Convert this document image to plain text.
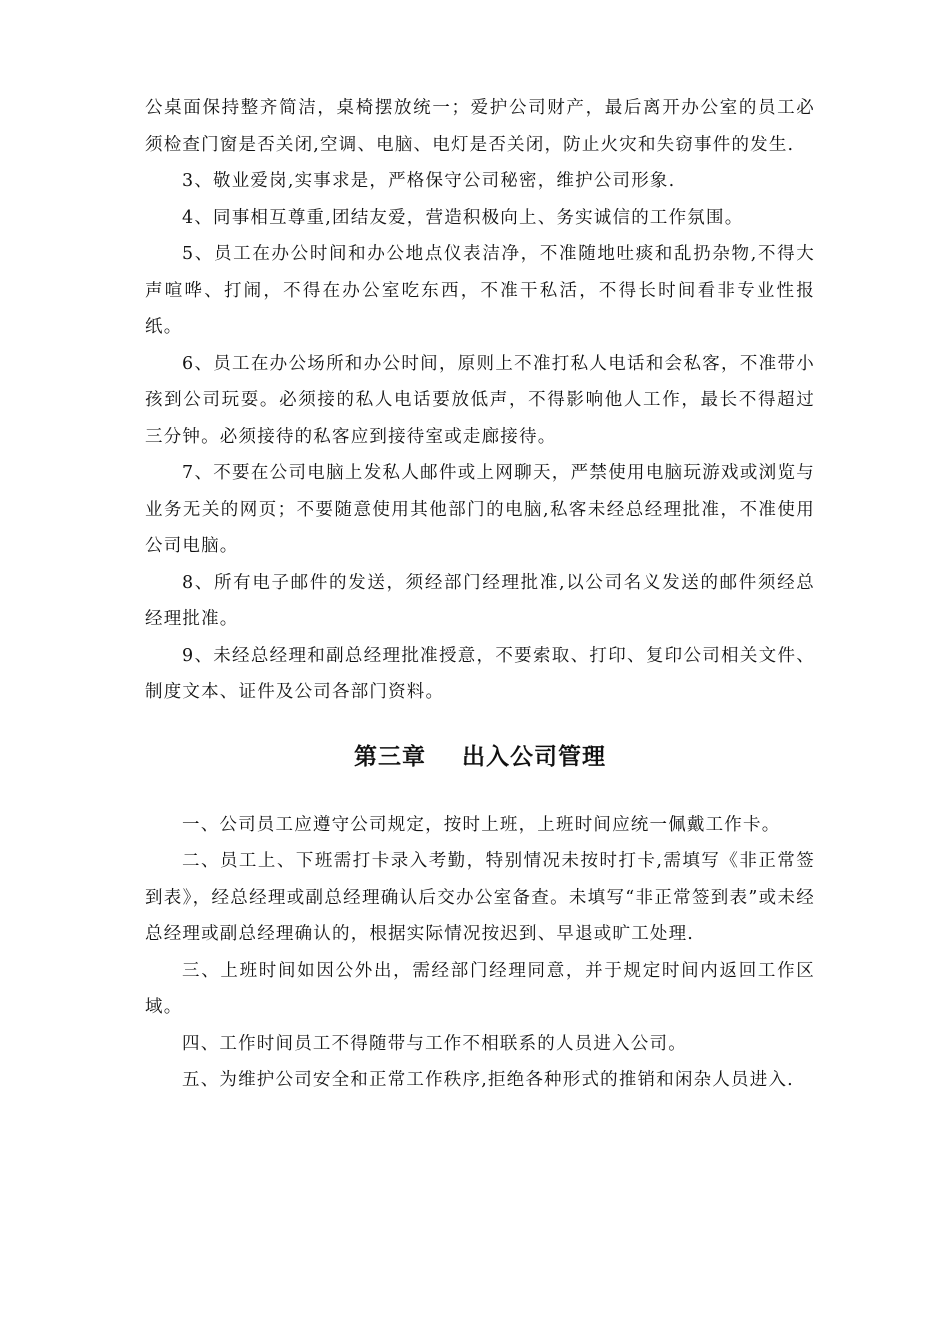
公桌面保持整齐简洁，桌椅摆放统一；爱护公司财产，最后离开办公室的员工必须检查门窗是否关闭,空调、电脑、电灯是否关闭，防止火灾和失窃事件的发生.

3、敬业爱岗,实事求是，严格保守公司秘密，维护公司形象.

4、同事相互尊重,团结友爱，营造积极向上、务实诚信的工作氛围。

5、员工在办公时间和办公地点仪表洁净，不准随地吐痰和乱扔杂物,不得大声喧哗、打闹，不得在办公室吃东西，不准干私活，不得长时间看非专业性报纸。

6、员工在办公场所和办公时间，原则上不准打私人电话和会私客，不准带小孩到公司玩耍。必须接的私人电话要放低声，不得影响他人工作，最长不得超过三分钟。必须接待的私客应到接待室或走廊接待。

7、不要在公司电脑上发私人邮件或上网聊天，严禁使用电脑玩游戏或浏览与业务无关的网页；不要随意使用其他部门的电脑,私客未经总经理批准，不准使用公司电脑。

8、所有电子邮件的发送，须经部门经理批准,以公司名义发送的邮件须经总经理批准。

9、未经总经理和副总经理批准授意，不要索取、打印、复印公司相关文件、制度文本、证件及公司各部门资料。

第三章    出入公司管理

一、公司员工应遵守公司规定，按时上班，上班时间应统一佩戴工作卡。

二、员工上、下班需打卡录入考勤，特别情况未按时打卡,需填写《非正常签到表》，经总经理或副总经理确认后交办公室备查。未填写“非正常签到表”或未经总经理或副总经理确认的，根据实际情况按迟到、早退或旷工处理.

三、上班时间如因公外出，需经部门经理同意，并于规定时间内返回工作区域。

四、工作时间员工不得随带与工作不相联系的人员进入公司。

五、为维护公司安全和正常工作秩序,拒绝各种形式的推销和闲杂人员进入.
